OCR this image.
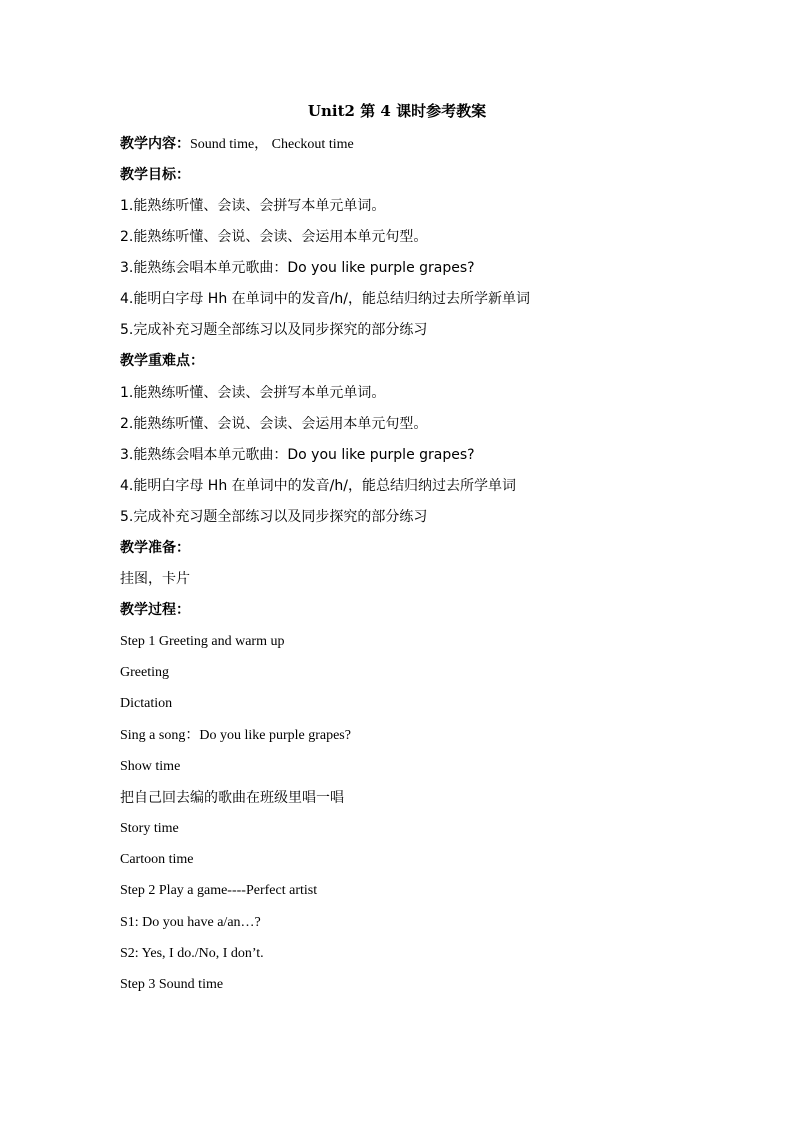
Unit2 第 4 课时参考教案
教学内容：Sound time， Checkout time
教学目标：
1.能熟练听懂、会读、会拼写本单元单词。
2.能熟练听懂、会说、会读、会运用本单元句型。
3.能熟练会唱本单元歌曲：Do you like purple grapes?
4.能明白字母 Hh 在单词中的发音/h/，能总结归纳过去所学新单词
5.完成补充习题全部练习以及同步探究的部分练习
教学重难点：
1.能熟练听懂、会读、会拼写本单元单词。
2.能熟练听懂、会说、会读、会运用本单元句型。
3.能熟练会唱本单元歌曲：Do you like purple grapes?
4.能明白字母 Hh 在单词中的发音/h/，能总结归纳过去所学单词
5.完成补充习题全部练习以及同步探究的部分练习
教学准备：
挂图，卡片
教学过程：
Step 1 Greeting and warm up
Greeting
Dictation
Sing a song：Do you like purple grapes?
Show time
把自己回去编的歌曲在班级里唱一唱
Story time
Cartoon time
Step 2 Play a game----Perfect artist
S1: Do you have a/an…?
S2: Yes, I do./No, I don’t.
Step 3 Sound time
